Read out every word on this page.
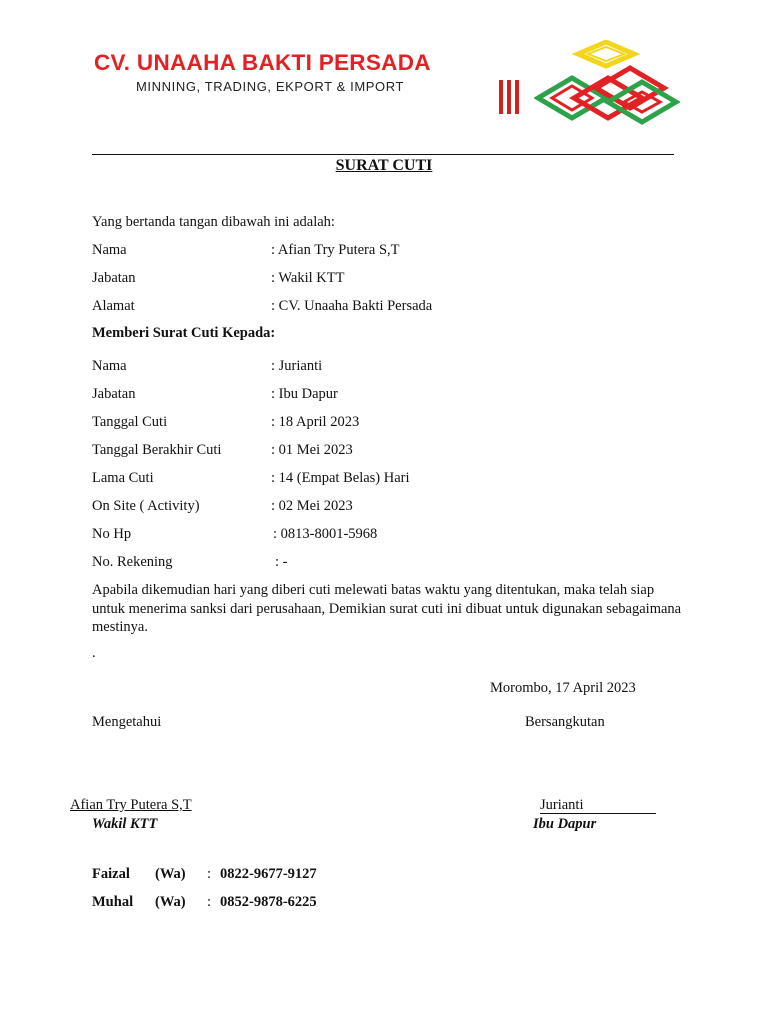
CV. UNAAHA BAKTI PERSADA
MINNING, TRADING, EKPORT & IMPORT
SURAT CUTI
Yang bertanda tangan dibawah ini adalah:
Nama	: Afian Try Putera S,T
Jabatan	: Wakil KTT
Alamat	: CV. Unaaha Bakti Persada
Memberi Surat Cuti Kepada:
Nama	: Jurianti
Jabatan	: Ibu Dapur
Tanggal Cuti	: 18 April 2023
Tanggal Berakhir Cuti	: 01 Mei 2023
Lama Cuti	: 14 (Empat Belas) Hari
On Site ( Activity)	: 02 Mei 2023
No Hp	: 0813-8001-5968
No. Rekening	: -
Apabila dikemudian hari yang diberi cuti melewati batas waktu yang ditentukan, maka telah siap untuk menerima sanksi dari perusahaan, Demikian surat cuti ini dibuat untuk digunakan sebagaimana mestinya.
.
Morombo, 17 April 2023
Mengetahui	Bersangkutan
Afian Try Putera S,T	Jurianti
Wakil KTT	Ibu Dapur
Faizal (Wa) : 0822-9677-9127
Muhal (Wa) : 0852-9878-6225
